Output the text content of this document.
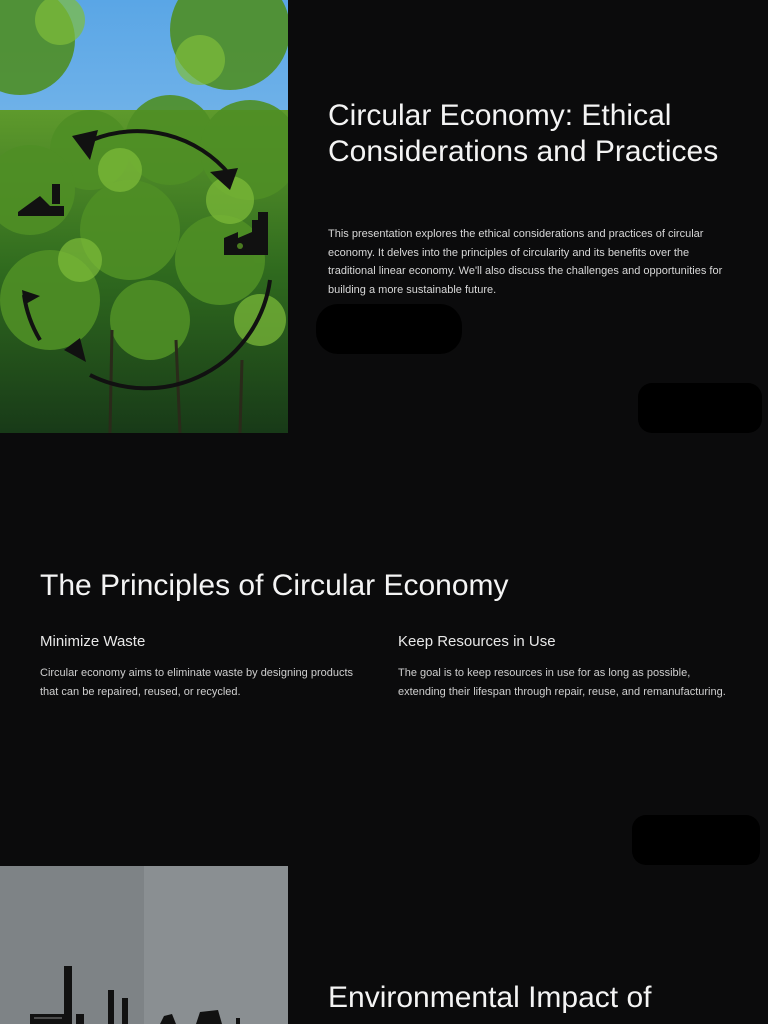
Circular Economy: Ethical Considerations and Practices

This presentation explores the ethical considerations and practices of circular economy. It delves into the principles of circularity and its benefits over the traditional linear economy. We'll also discuss the challenges and opportunities for building a more sustainable future.

The Principles of Circular Economy
Minimize Waste

Circular economy aims to eliminate waste by designing products that can be repaired, reused, or recycled.

Keep Resources in Use

The goal is to keep resources in use for as long as possible, extending their lifespan through repair, reuse, and remanufacturing.

Environmental Impact of
